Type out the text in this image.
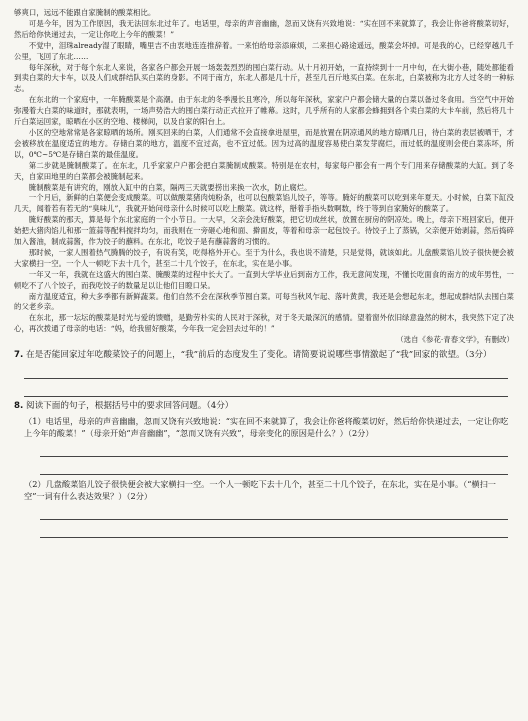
够爽口，远远不能跟自家腌制的酸菜相比。

可是今年，因为工作原因，我无法回东北过年了。电话里，母亲的声音幽幽，忽而又饶有兴致地说：“实在回不来就算了，我会让你爸将酸菜切好，然后给你快递过去，一定让你吃上今年的酸菜！”

不觉中，泪珠already湿了眼睛，嘴里吉不由衷地连连推辞着。一来怕给母亲添麻烦，二来担心路途遥远，酸菜会坏掉。可是我的心，已经穿越几千公里，飞回了东北……

每年深秋，对于每个东北人来说，各家各户都会开展一场轰轰烈烈的囤白菜行动。从十月初开始，一直持续到十一月中旬，在大街小巷，随处都能看到卖白菜的大卡车，以及人们成群结队买白菜的身影。不同于南方，东北人都是几十斤，甚至几百斤地买白菜。在东北，白菜被称为北方人过冬的一种标志。

在东北的一个家庭中，一年腌酸菜是个高潮。由于东北的冬季漫长且寒冷，所以每年深秋，家家户户都会储大量的白菜以备过冬食用。当空气中开始弥漫着大白菜的味道时，那就表明，一场声势浩大的囤白菜行动正式拉开了帷幕。这时，几乎所有的人家都会蜂拥到各个卖白菜的大卡车前，然后将几十斤白菜运回家，晾晒在小区的空地、楼梯间，以及自家的阳台上。

小区的空地常常是各家晾晒的场所。刚买回来的白菜，人们通常不会直接拿进屋里，而是放置在阴凉通风的地方晾晒几日，待白菜的表层被晒干，才会被移放在温度适宜的地方。存储白菜的地方，温度不宜过高，也不宜过低。因为过高的温度容易使白菜发芽腐烂，而过低的温度则会使白菜冻坏，所以，0℃~5℃是存储白菜的最佳温度。

第二步就是腌制酸菜了。在东北，几乎家家户户都会把白菜腌制成酸菜。特别是在农村，每家每户都会有一两个专门用来存储酸菜的大缸。到了冬天，自家田地里的白菜都会被腌制起来。

腌制酸菜是有讲究的，刚放入缸中的白菜，隔两三天就要捞出来换一次水，防止腐烂。

一个月后，新鲜的白菜便会变成酸菜。可以做酸菜猪肉炖粉条，也可以包酸菜馅儿饺子，等等。腌好的酸菜可以吃到来年夏天。小时候，白菜下缸没几天，闻着若有若无的“臭味儿”，我就开始问母亲什么时候可以吃上酸菜。就这样，掰着手指头数啊数，终于等到自家腌好的酸菜了。

腌好酸菜的那天，算是每个东北家庭的一个小节日。一大早，父亲会洗好酸菜，把它切成丝状，放置在厨房的阴凉处。晚上，母亲下班回家后，便开始把大猪肉馅儿和那一篮蒜等配料搅拌均匀，而我则在一旁砸心地和面、擀面皮，等着和母亲一起包饺子。待饺子上了蒸锅，父亲便开始剥蒜，然后捣碎加入酱油，制成蒜酱，作为饺子的蘸料。在东北，吃饺子是有蘸蒜酱的习惯的。

那时候，一家人围着热气腾腾的饺子，有说有笑，吃得格外开心。至于为什么，我也说不清楚，只是觉得，就该如此。儿盘酸菜馅儿饺子很快便会被大家横扫一空。一个人一顿吃下去十几个，甚至二十几个饺子，在东北，实在是小事。

一年又一年，我就在这盛大的囤白菜、腌酸菜的过程中长大了。一直到大学毕业后到南方工作，我无意间发现，不懂长吃面食的南方的成年男性，一顿吃不了八个饺子，而我吃饺子的数量足以让他们目瞪口呆。

南方温度适宜，种大多季都有新鲜蔬菜。他们自然不会在深秋季节囤白菜。可每当秋风乍起、落叶黄黄，我还是会想起东北，想起成群结队去囤白菜的父老乡亲。

在东北，那一坛坛的酸菜是时光与爱的馈赠，是勤劳朴实的人民对于深秋，对于冬天最深沉的感情。望着窗外依旧绿意盎然的树木，我突然下定了决心，再次拨通了母亲的电话：“妈，给我留好酸菜，今年我一定会回去过年的！”

（选自《参花·青春文学》，有删改）

7. 在是否能回家过年吃酸菜饺子的问题上，“我”前后的态度发生了变化。请简要说说哪些事情激起了“我”回家的欲望。（3分）

8. 阅读下面的句子，根据括号中的要求回答问题。（4分）

（1）电话里，母亲的声音幽幽，忽而又饶有兴致地说：“实在回不来就算了，我会让你爸将酸菜切好，然后给你快递过去，一定让你吃上今年的酸菜！”（母亲开始“声音幽幽”，“忽而又饶有兴致”，母亲变化的原因是什么？）（2分）

（2）几盘酸菜馅儿饺子很快便会被大家横扫一空。一个人一顿吃下去十几个，甚至二十几个饺子，在东北，实在是小事。（“横扫一空”一词有什么表达效果？）（2分）
